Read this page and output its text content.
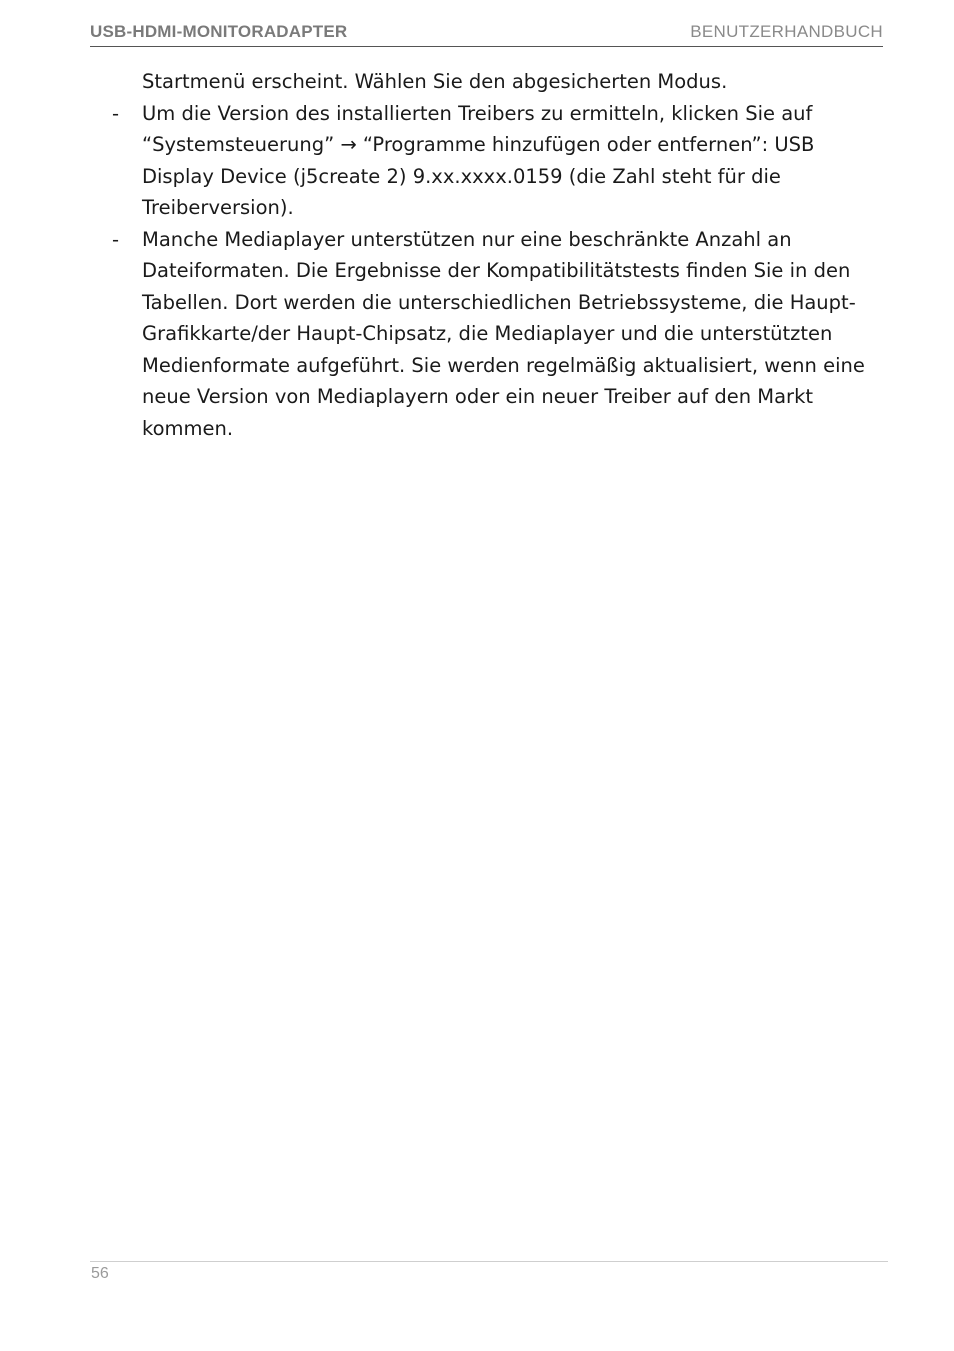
USB-HDMI-MONITORADAPTER	BENUTZERHANDBUCH

Startmenü erscheint. Wählen Sie den abgesicherten Modus.

- Um die Version des installierten Treibers zu ermitteln, klicken Sie auf “Systemsteuerung” → “Programme hinzufügen oder entfernen”: USB Display Device (j5create 2) 9.xx.xxxx.0159 (die Zahl steht für die Treiberversion).
- Manche Mediaplayer unterstützen nur eine beschränkte Anzahl an Dateiformaten. Die Ergebnisse der Kompatibilitätstests finden Sie in den Tabellen. Dort werden die unterschiedlichen Betriebssysteme, die Haupt-Grafikkarte/der Haupt-Chipsatz, die Mediaplayer und die unterstützten Medienformate aufgeführt. Sie werden regelmäßig aktualisiert, wenn eine neue Version von Mediaplayern oder ein neuer Treiber auf den Markt kommen.
56
